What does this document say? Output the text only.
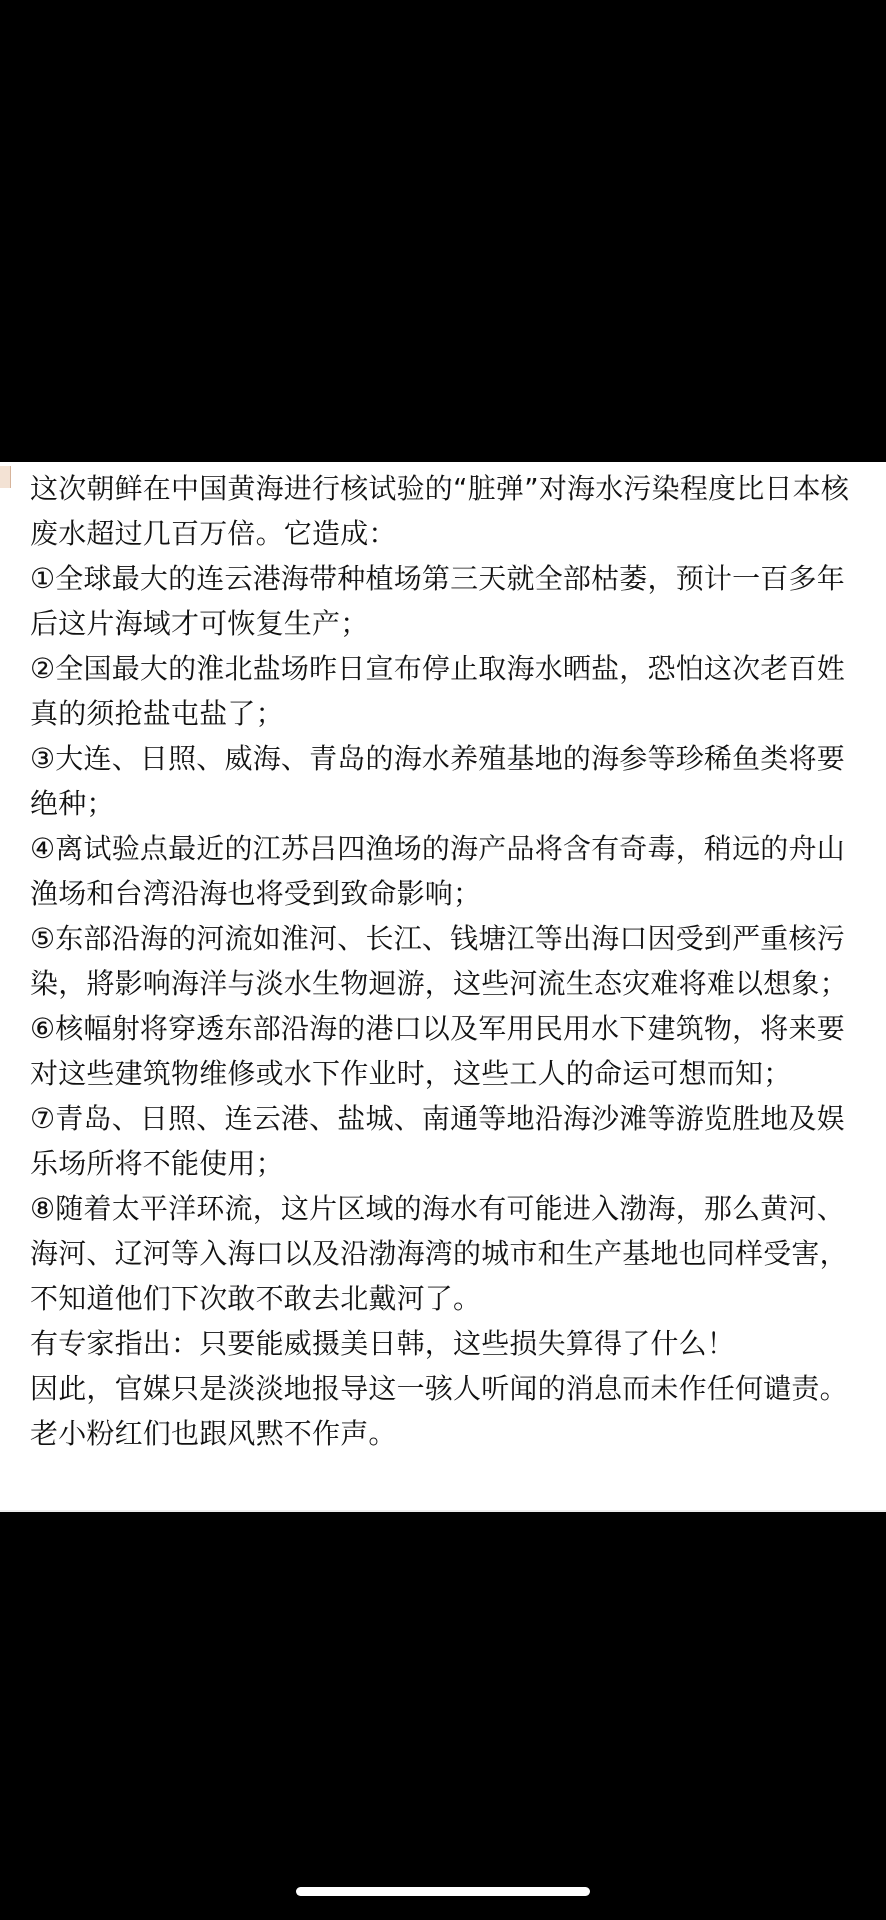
这次朝鲜在中国黄海进行核试验的“脏弹”对海水污染程度比日本核废水超过几百万倍。它造成：

①全球最大的连云港海带种植场第三天就全部枯萎，预计一百多年后这片海域才可恢复生产；

②全国最大的淮北盐场昨日宣布停止取海水晒盐，恐怕这次老百姓真的须抢盐屯盐了；

③大连、日照、威海、青岛的海水养殖基地的海参等珍稀鱼类将要绝种；

④离试验点最近的江苏吕四渔场的海产品将含有奇毒，稍远的舟山渔场和台湾沿海也将受到致命影响；

⑤东部沿海的河流如淮河、长江、钱塘江等出海口因受到严重核污染，將影响海洋与淡水生物迴游，这些河流生态灾难将难以想象；

⑥核幅射将穿透东部沿海的港口以及军用民用水下建筑物，将来要对这些建筑物维修或水下作业时，这些工人的命运可想而知；

⑦青岛、日照、连云港、盐城、南通等地沿海沙滩等游览胜地及娱乐场所将不能使用；

⑧随着太平洋环流，这片区域的海水有可能进入渤海，那么黄河、海河、辽河等入海口以及沿渤海湾的城市和生产基地也同样受害，不知道他们下次敢不敢去北戴河了。

有专家指出：只要能威摄美日韩，这些损失算得了什么！

因此，官媒只是淡淡地报导这一骇人听闻的消息而未作任何谴责。老小粉红们也跟风黙不作声。
